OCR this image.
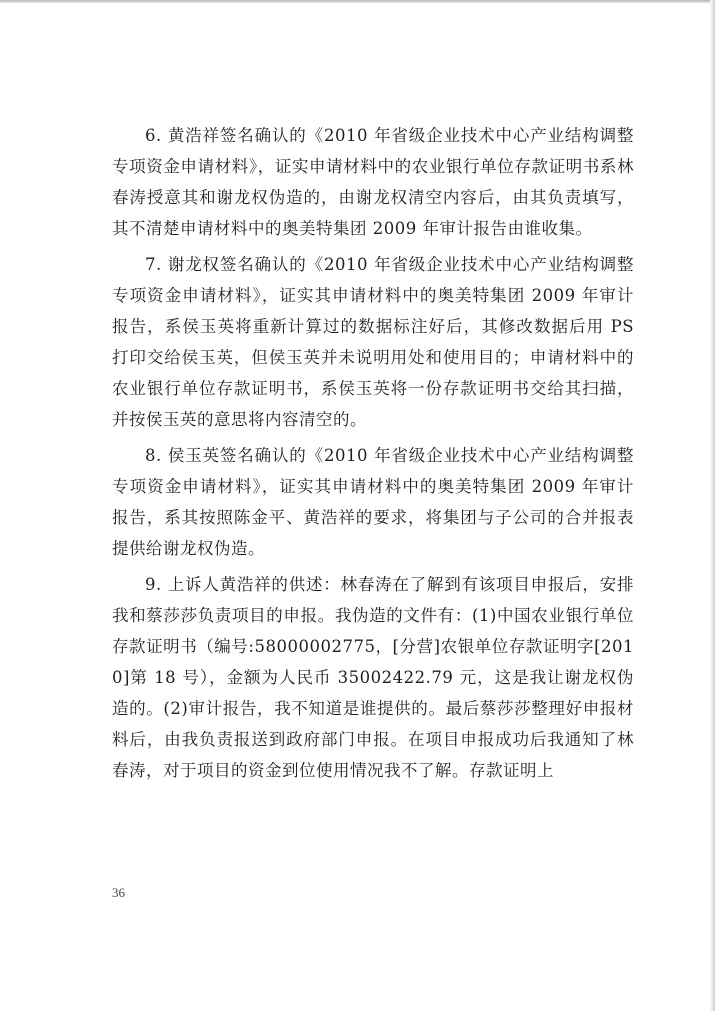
6. 黄浩祥签名确认的《2010 年省级企业技术中心产业结构调整专项资金申请材料》，证实申请材料中的农业银行单位存款证明书系林春涛授意其和谢龙权伪造的，由谢龙权清空内容后，由其负责填写，其不清楚申请材料中的奥美特集团 2009 年审计报告由谁收集。

7. 谢龙权签名确认的《2010 年省级企业技术中心产业结构调整专项资金申请材料》，证实其申请材料中的奥美特集团 2009 年审计报告，系侯玉英将重新计算过的数据标注好后，其修改数据后用 PS 打印交给侯玉英，但侯玉英并未说明用处和使用目的；申请材料中的农业银行单位存款证明书，系侯玉英将一份存款证明书交给其扫描，并按侯玉英的意思将内容清空的。

8. 侯玉英签名确认的《2010 年省级企业技术中心产业结构调整专项资金申请材料》，证实其申请材料中的奥美特集团 2009 年审计报告，系其按照陈金平、黄浩祥的要求，将集团与子公司的合并报表提供给谢龙权伪造。

9. 上诉人黄浩祥的供述：林春涛在了解到有该项目申报后，安排我和蔡莎莎负责项目的申报。我伪造的文件有：(1)中国农业银行单位存款证明书（编号:58000002775，[分营]农银单位存款证明字[2010]第 18 号），金额为人民币 35002422.79 元，这是我让谢龙权伪造的。(2)审计报告，我不知道是谁提供的。最后蔡莎莎整理好申报材料后，由我负责报送到政府部门申报。在项目申报成功后我通知了林春涛，对于项目的资金到位使用情况我不了解。存款证明上

36
